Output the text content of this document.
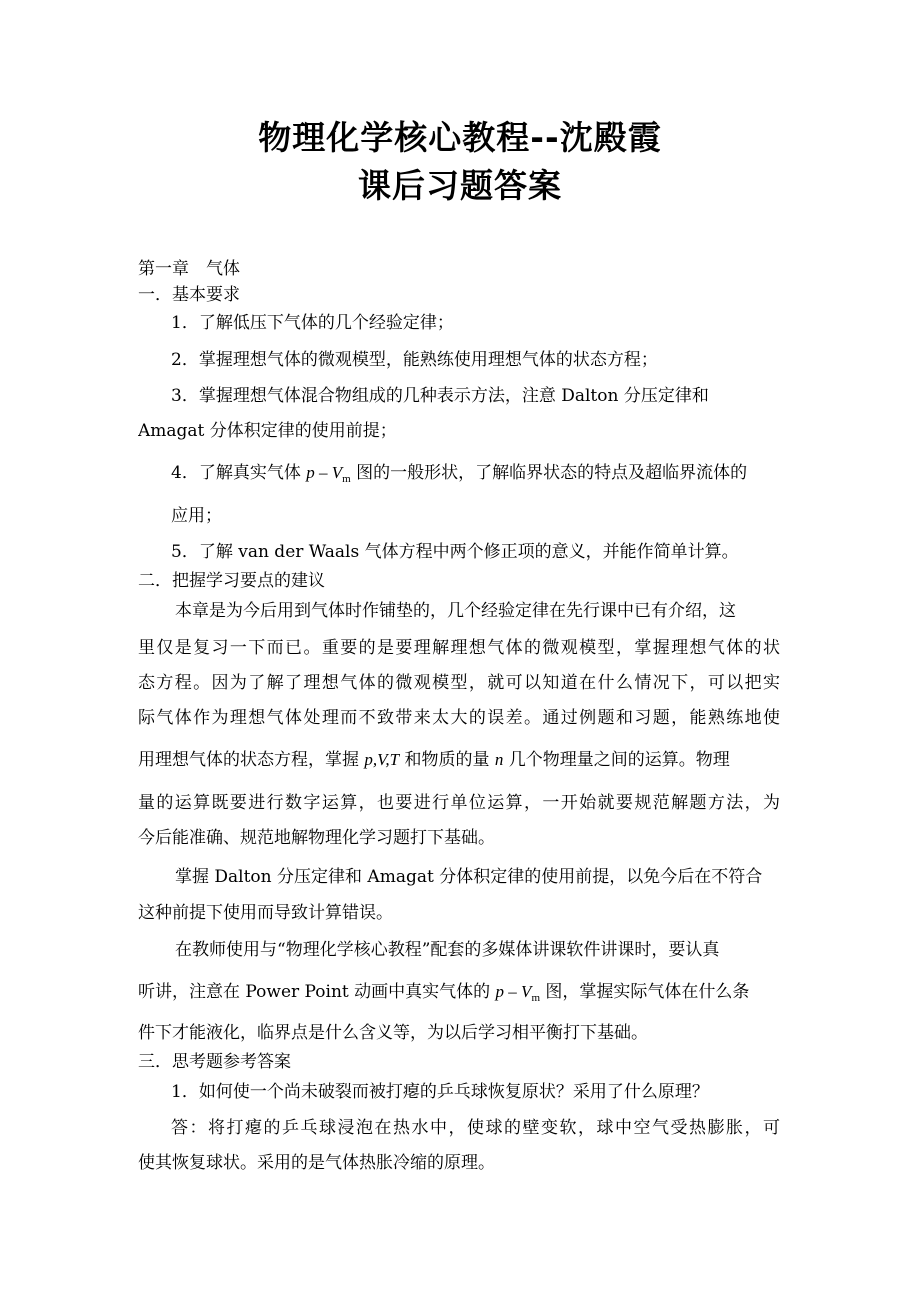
物理化学核心教程--沈殿霞
课后习题答案
第一章　气体
一．基本要求
1．了解低压下气体的几个经验定律；
2．掌握理想气体的微观模型，能熟练使用理想气体的状态方程；
3．掌握理想气体混合物组成的几种表示方法，注意 Dalton 分压定律和
Amagat 分体积定律的使用前提；
4．了解真实气体 p – $V_m$ 图的一般形状，了解临界状态的特点及超临界流体的
应用；
5．了解 van der Waals 气体方程中两个修正项的意义，并能作简单计算。
二．把握学习要点的建议
本章是为今后用到气体时作铺垫的，几个经验定律在先行课中已有介绍，这
里仅是复习一下而已。重要的是要理解理想气体的微观模型，掌握理想气体的状
态方程。因为了解了理想气体的微观模型，就可以知道在什么情况下，可以把实
际气体作为理想气体处理而不致带来太大的误差。通过例题和习题，能熟练地使
用理想气体的状态方程，掌握 p,V,T 和物质的量 n 几个物理量之间的运算。物理
量的运算既要进行数字运算，也要进行单位运算，一开始就要规范解题方法，为
今后能准确、规范地解物理化学习题打下基础。
掌握 Dalton 分压定律和 Amagat 分体积定律的使用前提，以免今后在不符合
这种前提下使用而导致计算错误。
在教师使用与“物理化学核心教程”配套的多媒体讲课软件讲课时，要认真
听讲，注意在 Power Point 动画中真实气体的 p – $V_m$ 图，掌握实际气体在什么条
件下才能液化，临界点是什么含义等，为以后学习相平衡打下基础。
三．思考题参考答案
1．如何使一个尚未破裂而被打瘪的乒乓球恢复原状？采用了什么原理？
答：将打瘪的乒乓球浸泡在热水中，使球的壁变软，球中空气受热膨胀，可
使其恢复球状。采用的是气体热胀冷缩的原理。
